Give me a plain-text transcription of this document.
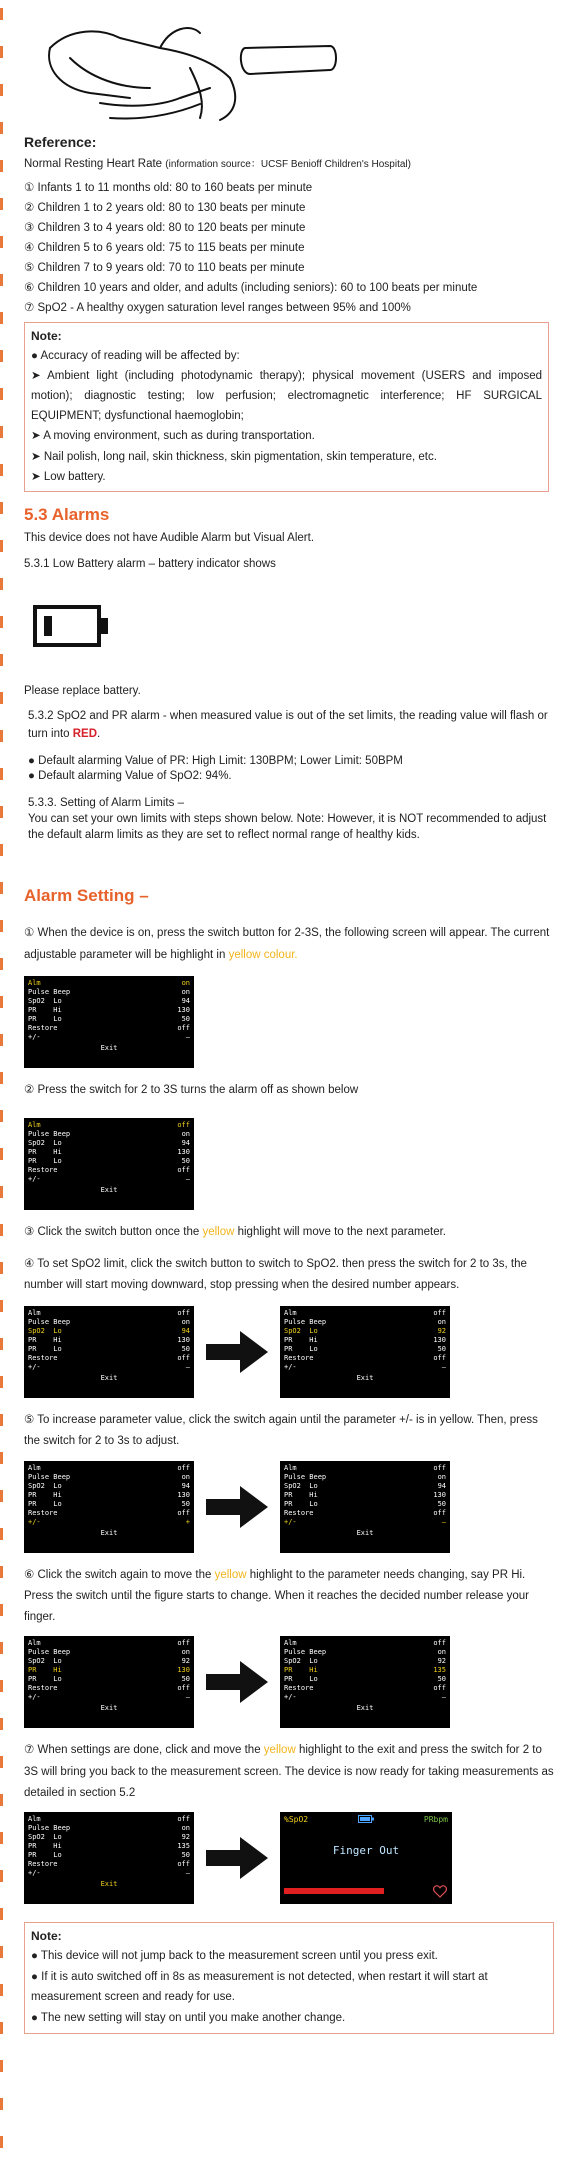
Reference:
Normal Resting Heart Rate (information source：UCSF Benioff Children's Hospital)
① Infants 1 to 11 months old: 80 to 160 beats per minute
② Children 1 to 2 years old: 80 to 130 beats per minute
③ Children 3 to 4 years old: 80 to 120 beats per minute
④ Children 5 to 6 years old: 75 to 115 beats per minute
⑤ Children 7 to 9 years old: 70 to 110 beats per minute
⑥ Children 10 years and older, and adults (including seniors): 60 to 100 beats per minute
⑦ SpO2 - A healthy oxygen saturation level ranges between 95% and 100%
Note:
● Accuracy of reading will be affected by:
➤ Ambient light (including photodynamic therapy); physical movement (USERS and imposed motion); diagnostic testing; low perfusion; electromagnetic interference; HF SURGICAL EQUIPMENT; dysfunctional haemoglobin;
➤ A moving environment, such as during transportation.
➤ Nail polish, long nail, skin thickness, skin pigmentation, skin temperature, etc.
➤ Low battery.
5.3 Alarms
This device does not have Audible Alarm but Visual Alert.
5.3.1 Low Battery alarm – battery indicator shows
Please replace battery.
5.3.2 SpO2 and PR alarm - when measured value is out of the set limits, the reading value will flash or turn into RED.
● Default alarming Value of PR: High Limit: 130BPM; Lower Limit: 50BPM
● Default alarming Value of SpO2: 94%.
5.3.3. Setting of Alarm Limits –
You can set your own limits with steps shown below. Note: However, it is NOT recommended to adjust the default alarm limits as they are set to reflect normal range of healthy kids.
Alarm Setting –
① When the device is on, press the switch button for 2-3S, the following screen will appear. The current adjustable parameter will be highlight in yellow colour.
Alm	on
Pulse Beep	on
SpO2  Lo	94
PR    Hi	130
PR    Lo	50
Restore	off
+/-	—
Exit
② Press the switch for 2 to 3S turns the alarm off as shown below
Alm	off
Pulse Beep	on
SpO2  Lo	94
PR    Hi	130
PR    Lo	50
Restore	off
+/-	—
Exit
③ Click the switch button once the yellow highlight will move to the next parameter.
④ To set SpO2 limit, click the switch button to switch to SpO2. then press the switch for 2 to 3s, the number will start moving downward, stop pressing when the desired number appears.
Alm	off
Pulse Beep	on
SpO2  Lo	94
PR    Hi	130
PR    Lo	50
Restore	off
+/-	—
Exit
Alm	off
Pulse Beep	on
SpO2  Lo	92
PR    Hi	130
PR    Lo	50
Restore	off
+/-	—
Exit
⑤ To increase parameter value, click the switch again until the parameter +/- is in yellow. Then, press the switch for 2 to 3s to adjust.
Alm	off
Pulse Beep	on
SpO2  Lo	94
PR    Hi	130
PR    Lo	50
Restore	off
+/-	+
Exit
Alm	off
Pulse Beep	on
SpO2  Lo	94
PR    Hi	130
PR    Lo	50
Restore	off
+/-	—
Exit
⑥ Click the switch again to move the yellow highlight to the parameter needs changing, say PR Hi. Press the switch until the figure starts to change. When it reaches the decided number release your finger.
Alm	off
Pulse Beep	on
SpO2  Lo	92
PR    Hi	130
PR    Lo	50
Restore	off
+/-	—
Exit
Alm	off
Pulse Beep	on
SpO2  Lo	92
PR    Hi	135
PR    Lo	50
Restore	off
+/-	—
Exit
⑦ When settings are done, click and move the yellow highlight to the exit and press the switch for 2 to 3S will bring you back to the measurement screen. The device is now ready for taking measurements as detailed in section 5.2
Alm	off
Pulse Beep	on
SpO2  Lo	92
PR    Hi	135
PR    Lo	50
Restore	off
+/-	—
Exit
%SpO2	PRbpm
Finger Out
Note:
● This device will not jump back to the measurement screen until you press exit.
● If it is auto switched off in 8s as measurement is not detected, when restart it will start at measurement screen and ready for use.
● The new setting will stay on until you make another change.
